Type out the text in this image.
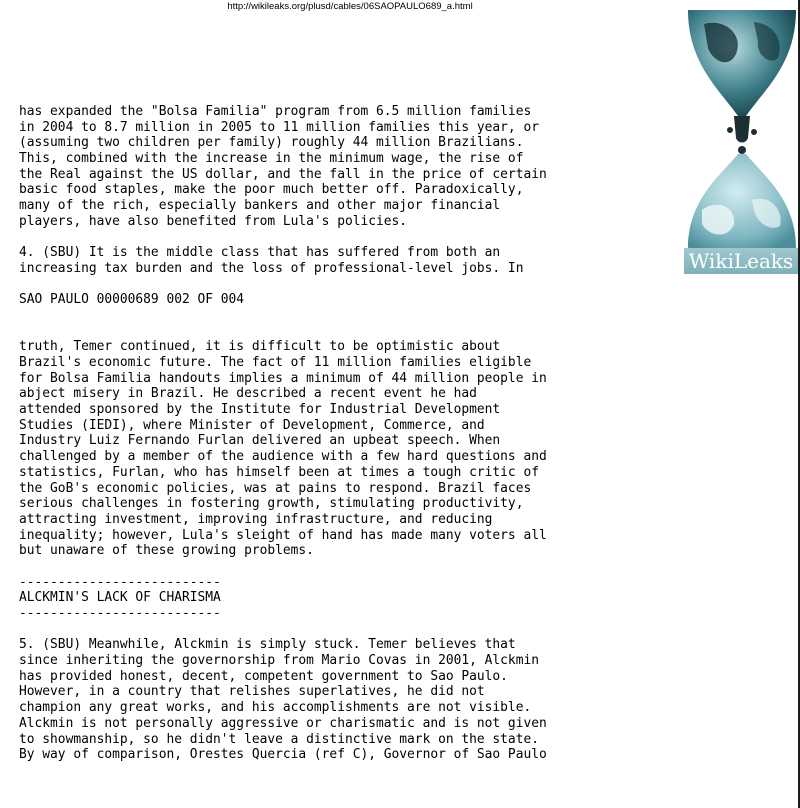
http://wikileaks.org/plusd/cables/06SAOPAULO689_a.html
WikiLeaks
has expanded the "Bolsa Familia" program from 6.5 million families
in 2004 to 8.7 million in 2005 to 11 million families this year, or
(assuming two children per family) roughly 44 million Brazilians.
This, combined with the increase in the minimum wage, the rise of
the Real against the US dollar, and the fall in the price of certain
basic food staples, make the poor much better off. Paradoxically,
many of the rich, especially bankers and other major financial
players, have also benefited from Lula's policies.
4. (SBU) It is the middle class that has suffered from both an
increasing tax burden and the loss of professional-level jobs. In
SAO PAULO 00000689 002 OF 004
truth, Temer continued, it is difficult to be optimistic about
Brazil's economic future. The fact of 11 million families eligible
for Bolsa Familia handouts implies a minimum of 44 million people in
abject misery in Brazil. He described a recent event he had
attended sponsored by the Institute for Industrial Development
Studies (IEDI), where Minister of Development, Commerce, and
Industry Luiz Fernando Furlan delivered an upbeat speech. When
challenged by a member of the audience with a few hard questions and
statistics, Furlan, who has himself been at times a tough critic of
the GoB's economic policies, was at pains to respond. Brazil faces
serious challenges in fostering growth, stimulating productivity,
attracting investment, improving infrastructure, and reducing
inequality; however, Lula's sleight of hand has made many voters all
but unaware of these growing problems.
--------------------------
ALCKMIN'S LACK OF CHARISMA
--------------------------
5. (SBU) Meanwhile, Alckmin is simply stuck. Temer believes that
since inheriting the governorship from Mario Covas in 2001, Alckmin
has provided honest, decent, competent government to Sao Paulo.
However, in a country that relishes superlatives, he did not
champion any great works, and his accomplishments are not visible.
Alckmin is not personally aggressive or charismatic and is not given
to showmanship, so he didn't leave a distinctive mark on the state.
By way of comparison, Orestes Quercia (ref C), Governor of Sao Paulo
